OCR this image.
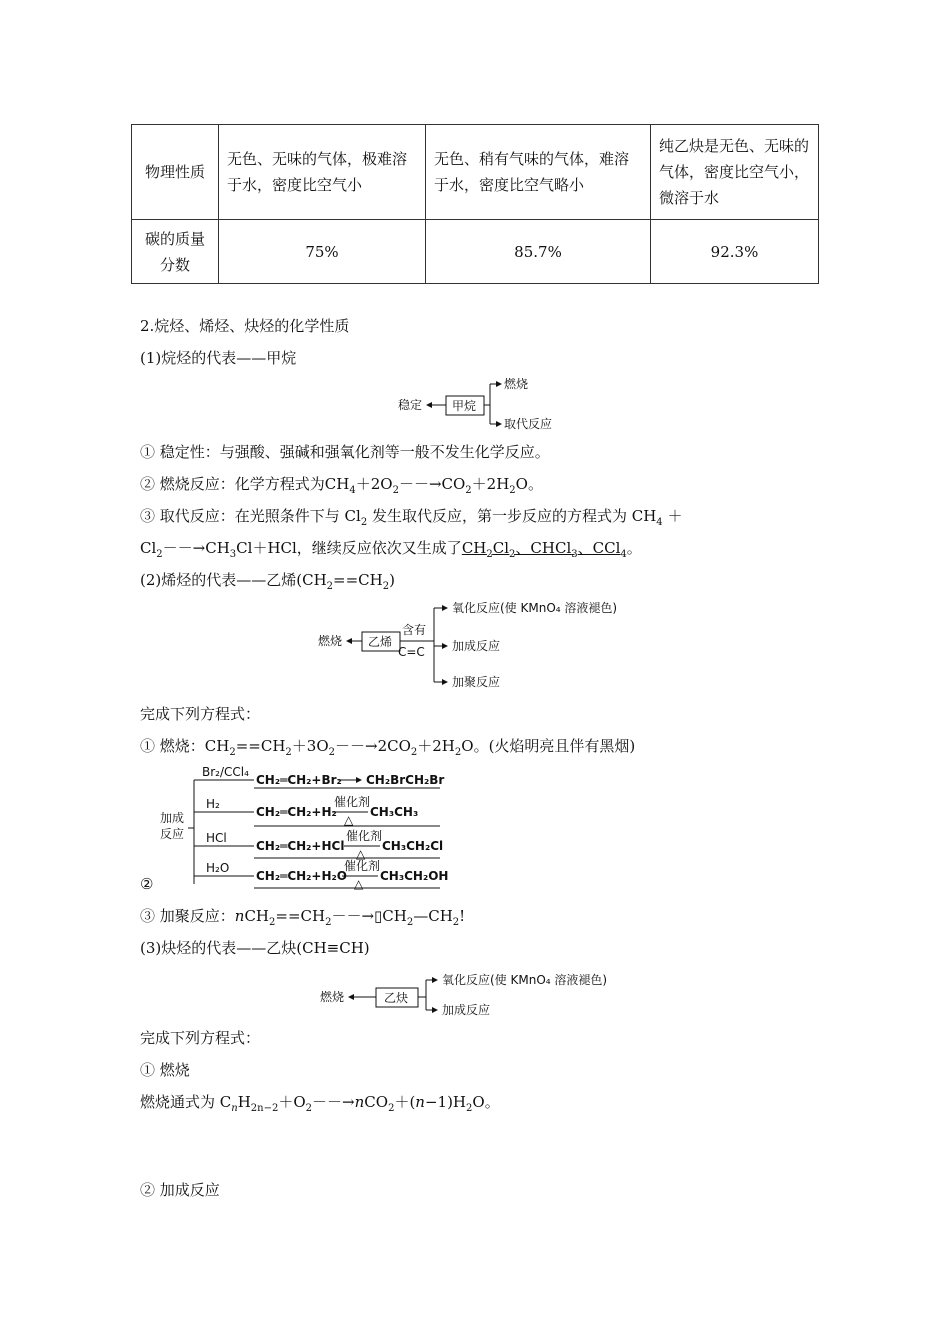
物理性质	无色、无味的气体，极难溶于水，密度比空气小	无色、稍有气味的气体，难溶于水，密度比空气略小	纯乙炔是无色、无味的气体，密度比空气小，微溶于水
碳的质量分数	75%	85.7%	92.3%
2.烷烃、烯烃、炔烃的化学性质
(1)烷烃的代表——甲烷
稳定 甲烷
燃烧
取代反应
① 稳定性：与强酸、强碱和强氧化剂等一般不发生化学反应。
② 燃烧反应：化学方程式为$CH_4+2O_2--\to CO_2+2H_2O$。
③ 取代反应：在光照条件下与 $Cl_2$ 发生取代反应，第一步反应的方程式为 $CH_4$ ＋
$Cl_2--\to CH_3Cl+HCl$，继续反应依次又生成了$CH_2Cl_2$、CHCl$_3$、CCl$_4$。
(2)烯烃的代表——乙烯$(CH_2==CH_2)$
燃烧 乙烯
含有
C=C
氧化反应(使 KMnO₄ 溶液褪色)
加成反应
加聚反应
完成下列方程式：
① 燃烧：$CH_2==CH_2+3O_2--\to 2CO_2+2H_2O$。(火焰明亮且伴有黑烟)
加成
反应
Br₂/CCl₄
CH₂═CH₂+Br₂ CH₂BrCH₂Br
H₂
CH₂═CH₂+H₂
催化剂
△
CH₃CH₃
HCl
CH₂═CH₂+HCl
催化剂
△
CH₃CH₂Cl
H₂O
CH₂═CH₂+H₂O
催化剂
△
CH₃CH₂OH
②
③ 加聚反应：$nCH_2==CH_2--\to▯CH_2—CH_2$!
(3)炔烃的代表——乙炔(CH≡CH)
燃烧	乙炔
氧化反应(使 KMnO₄ 溶液褪色)
加成反应
完成下列方程式：
① 燃烧
燃烧通式为 $C_nH_{2n-2}+O_2--\to nCO_2+(n-1)H_2O$。
② 加成反应
